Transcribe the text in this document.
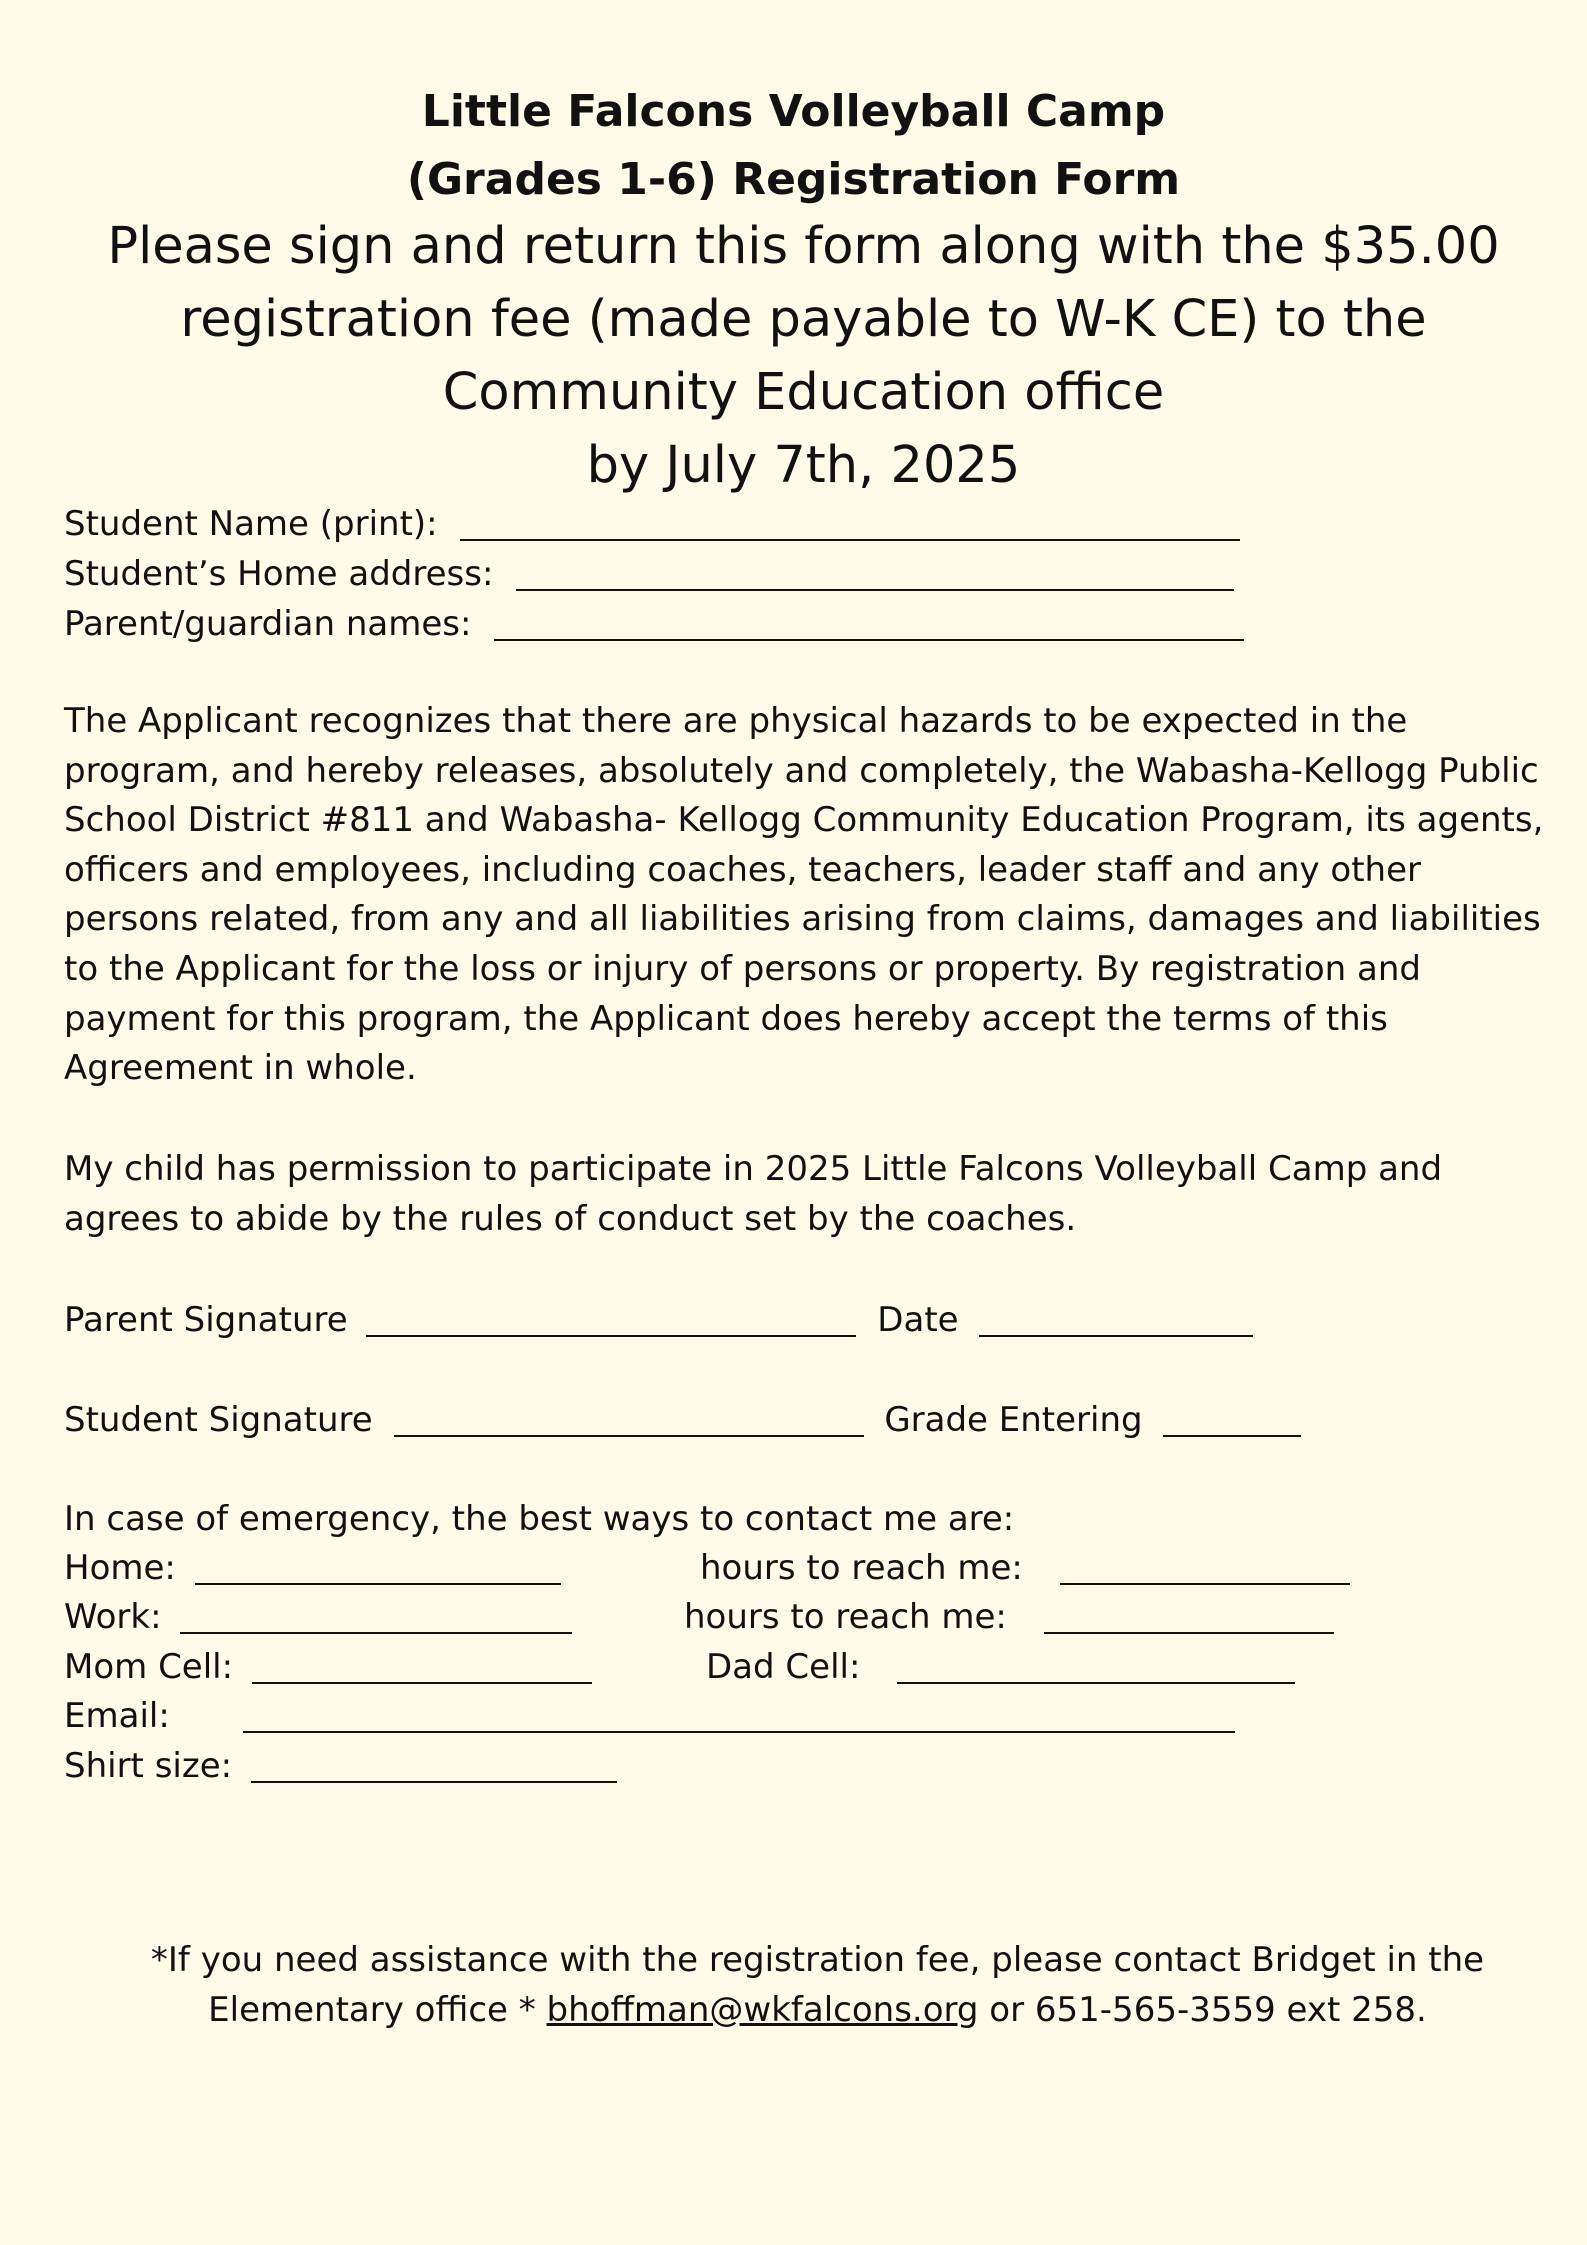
Little Falcons Volleyball Camp
(Grades 1-6) Registration Form
Please sign and return this form along with the $35.00
registration fee (made payable to W-K CE) to the
Community Education office
by July 7th, 2025
Student Name (print):
Student’s Home address:
Parent/guardian names:
The Applicant recognizes that there are physical hazards to be expected in the
program, and hereby releases, absolutely and completely, the Wabasha-Kellogg Public
School District #811 and Wabasha- Kellogg Community Education Program, its agents,
officers and employees, including coaches, teachers, leader staff and any other
persons related, from any and all liabilities arising from claims, damages and liabilities
to the Applicant for the loss or injury of persons or property. By registration and
payment for this program, the Applicant does hereby accept the terms of this
Agreement in whole.
My child has permission to participate in 2025 Little Falcons Volleyball Camp and
agrees to abide by the rules of conduct set by the coaches.
Parent Signature	Date
Student Signature	Grade Entering
In case of emergency, the best ways to contact me are:
Home:	hours to reach me:
Work:	hours to reach me:
Mom Cell:	Dad Cell:
Email:
Shirt size:
*If you need assistance with the registration fee, please contact Bridget in the
Elementary office * bhoffman@wkfalcons.org or 651-565-3559 ext 258.
